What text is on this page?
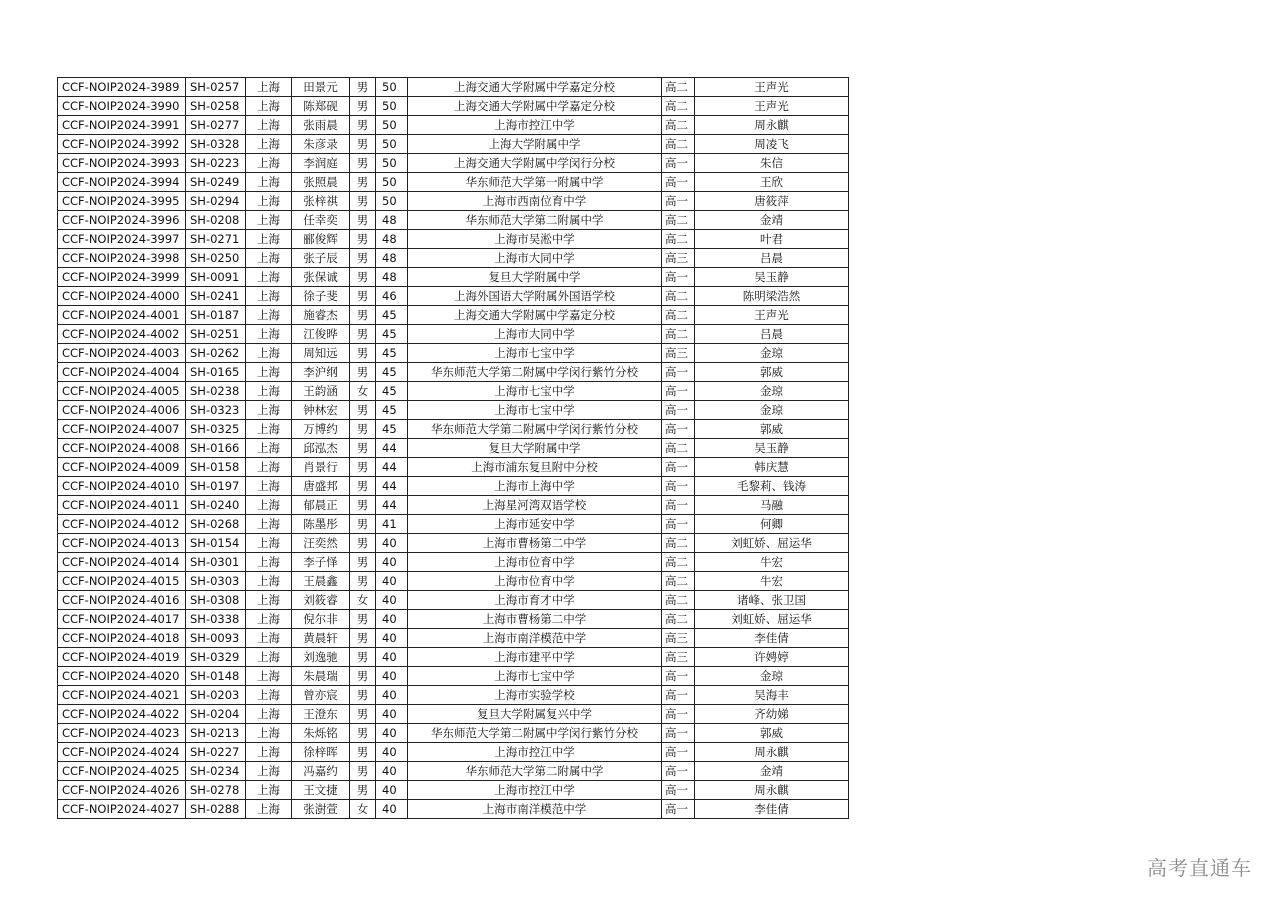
CCF-NOIP2024-3989	SH-0257	上海	田景元	男	50	上海交通大学附属中学嘉定分校	高二	王声光
CCF-NOIP2024-3990	SH-0258	上海	陈郑砚	男	50	上海交通大学附属中学嘉定分校	高二	王声光
CCF-NOIP2024-3991	SH-0277	上海	张雨晨	男	50	上海市控江中学	高二	周永麒
CCF-NOIP2024-3992	SH-0328	上海	朱彦录	男	50	上海大学附属中学	高二	周凌飞
CCF-NOIP2024-3993	SH-0223	上海	李润庭	男	50	上海交通大学附属中学闵行分校	高一	朱信
CCF-NOIP2024-3994	SH-0249	上海	张照晨	男	50	华东师范大学第一附属中学	高一	王欣
CCF-NOIP2024-3995	SH-0294	上海	张梓祺	男	50	上海市西南位育中学	高一	唐筱萍
CCF-NOIP2024-3996	SH-0208	上海	任幸奕	男	48	华东师范大学第二附属中学	高二	金靖
CCF-NOIP2024-3997	SH-0271	上海	郦俊辉	男	48	上海市吴淞中学	高二	叶君
CCF-NOIP2024-3998	SH-0250	上海	张子辰	男	48	上海市大同中学	高三	吕晨
CCF-NOIP2024-3999	SH-0091	上海	张保诚	男	48	复旦大学附属中学	高一	吴玉静
CCF-NOIP2024-4000	SH-0241	上海	徐子斐	男	46	上海外国语大学附属外国语学校	高二	陈明梁浩然
CCF-NOIP2024-4001	SH-0187	上海	施睿杰	男	45	上海交通大学附属中学嘉定分校	高二	王声光
CCF-NOIP2024-4002	SH-0251	上海	江俊晔	男	45	上海市大同中学	高二	吕晨
CCF-NOIP2024-4003	SH-0262	上海	周知远	男	45	上海市七宝中学	高三	金琼
CCF-NOIP2024-4004	SH-0165	上海	李沪纲	男	45	华东师范大学第二附属中学闵行紫竹分校	高一	郭威
CCF-NOIP2024-4005	SH-0238	上海	王韵涵	女	45	上海市七宝中学	高一	金琼
CCF-NOIP2024-4006	SH-0323	上海	钟林宏	男	45	上海市七宝中学	高一	金琼
CCF-NOIP2024-4007	SH-0325	上海	万博约	男	45	华东师范大学第二附属中学闵行紫竹分校	高一	郭威
CCF-NOIP2024-4008	SH-0166	上海	邱泓杰	男	44	复旦大学附属中学	高二	吴玉静
CCF-NOIP2024-4009	SH-0158	上海	肖景行	男	44	上海市浦东复旦附中分校	高一	韩庆慧
CCF-NOIP2024-4010	SH-0197	上海	唐盛邦	男	44	上海市上海中学	高一	毛黎莉、钱涛
CCF-NOIP2024-4011	SH-0240	上海	郁晨正	男	44	上海星河湾双语学校	高一	马融
CCF-NOIP2024-4012	SH-0268	上海	陈墨彤	男	41	上海市延安中学	高一	何卿
CCF-NOIP2024-4013	SH-0154	上海	汪奕然	男	40	上海市曹杨第二中学	高二	刘虹娇、屈运华
CCF-NOIP2024-4014	SH-0301	上海	李子怿	男	40	上海市位育中学	高二	牛宏
CCF-NOIP2024-4015	SH-0303	上海	王晨鑫	男	40	上海市位育中学	高二	牛宏
CCF-NOIP2024-4016	SH-0308	上海	刘筱睿	女	40	上海市育才中学	高二	诸峰、张卫国
CCF-NOIP2024-4017	SH-0338	上海	倪尔非	男	40	上海市曹杨第二中学	高二	刘虹娇、屈运华
CCF-NOIP2024-4018	SH-0093	上海	黄晨轩	男	40	上海市南洋模范中学	高三	李佳倩
CCF-NOIP2024-4019	SH-0329	上海	刘逸驰	男	40	上海市建平中学	高三	许娉婷
CCF-NOIP2024-4020	SH-0148	上海	朱晨瑞	男	40	上海市七宝中学	高一	金琼
CCF-NOIP2024-4021	SH-0203	上海	曾亦宸	男	40	上海市实验学校	高一	吴海丰
CCF-NOIP2024-4022	SH-0204	上海	王澄东	男	40	复旦大学附属复兴中学	高一	齐幼娣
CCF-NOIP2024-4023	SH-0213	上海	朱烁铭	男	40	华东师范大学第二附属中学闵行紫竹分校	高一	郭威
CCF-NOIP2024-4024	SH-0227	上海	徐梓晖	男	40	上海市控江中学	高一	周永麒
CCF-NOIP2024-4025	SH-0234	上海	冯嘉约	男	40	华东师范大学第二附属中学	高一	金靖
CCF-NOIP2024-4026	SH-0278	上海	王文捷	男	40	上海市控江中学	高一	周永麒
CCF-NOIP2024-4027	SH-0288	上海	张澍萱	女	40	上海市南洋模范中学	高一	李佳倩
高考直通车
